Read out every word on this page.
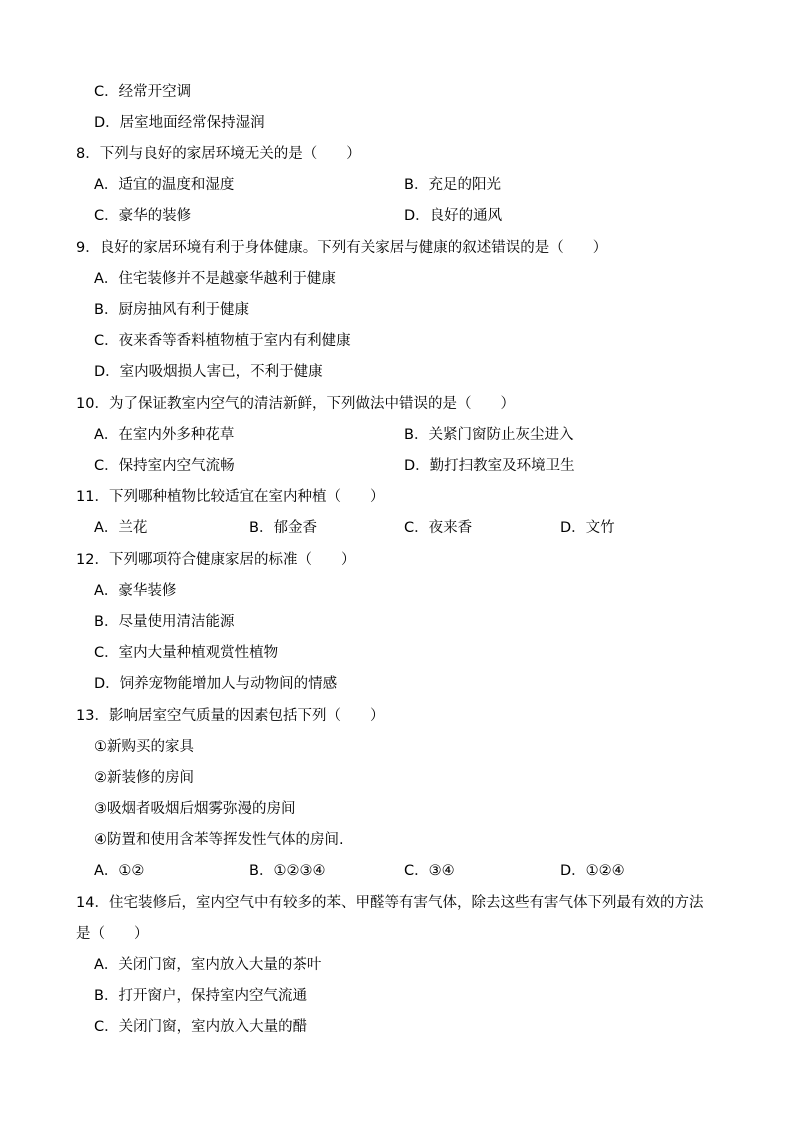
C．经常开空调
D．居室地面经常保持湿润
8．下列与良好的家居环境无关的是（　　）
A．适宜的温度和湿度	B．充足的阳光
C．豪华的装修	D．良好的通风
9．良好的家居环境有利于身体健康。下列有关家居与健康的叙述错误的是（　　）
A．住宅装修并不是越豪华越利于健康
B．厨房抽风有利于健康
C．夜来香等香料植物植于室内有利健康
D．室内吸烟损人害已，不利于健康
10．为了保证教室内空气的清洁新鲜，下列做法中错误的是（　　）
A．在室内外多种花草	B．关紧门窗防止灰尘进入
C．保持室内空气流畅	D．勤打扫教室及环境卫生
11．下列哪种植物比较适宜在室内种植（　　）
A．兰花	B．郁金香	C．夜来香	D．文竹
12．下列哪项符合健康家居的标准（　　）
A．豪华装修
B．尽量使用清洁能源
C．室内大量种植观赏性植物
D．饲养宠物能增加人与动物间的情感
13．影响居室空气质量的因素包括下列（　　）
①新购买的家具
②新装修的房间
③吸烟者吸烟后烟雾弥漫的房间
④防置和使用含苯等挥发性气体的房间.
A．①②	B．①②③④	C．③④	D．①②④
14．住宅装修后，室内空气中有较多的苯、甲醛等有害气体，除去这些有害气体下列最有效的方法
是（　　）
A．关闭门窗，室内放入大量的茶叶
B．打开窗户，保持室内空气流通
C．关闭门窗，室内放入大量的醋
